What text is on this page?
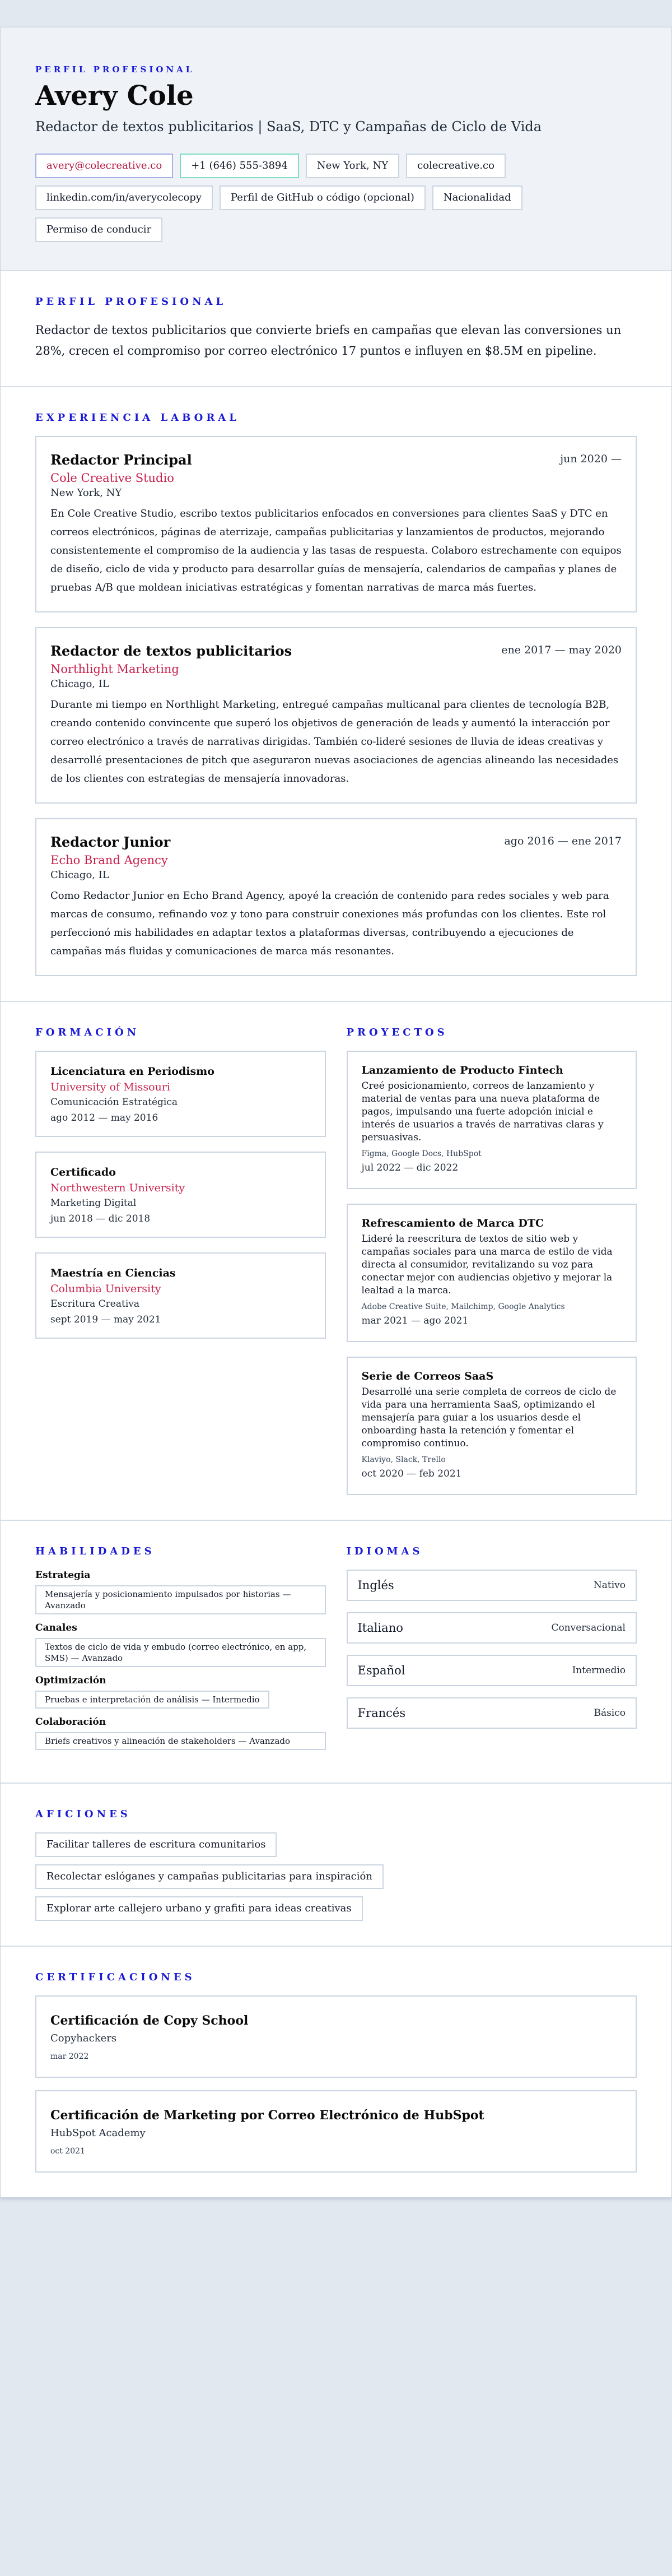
PERFIL PROFESIONAL
Avery Cole
Redactor de textos publicitarios | SaaS, DTC y Campañas de Ciclo de Vida
avery@colecreative.co	+1 (646) 555-3894	New York, NY	colecreative.co
linkedin.com/in/averycolecopy	Perfil de GitHub o código (opcional)	Nacionalidad
Permiso de conducir
PERFIL PROFESIONAL

Redactor de textos publicitarios que convierte briefs en campañas que elevan las conversiones un 28%, crecen el compromiso por correo electrónico 17 puntos e influyen en $8.5M en pipeline.

EXPERIENCIA LABORAL
Redactor Principal	jun 2020 —
Cole Creative Studio
New York, NY

En Cole Creative Studio, escribo textos publicitarios enfocados en conversiones para clientes SaaS y DTC en correos electrónicos, páginas de aterrizaje, campañas publicitarias y lanzamientos de productos, mejorando consistentemente el compromiso de la audiencia y las tasas de respuesta. Colaboro estrechamente con equipos de diseño, ciclo de vida y producto para desarrollar guías de mensajería, calendarios de campañas y planes de pruebas A/B que moldean iniciativas estratégicas y fomentan narrativas de marca más fuertes.

Redactor de textos publicitarios	ene 2017 — may 2020
Northlight Marketing
Chicago, IL

Durante mi tiempo en Northlight Marketing, entregué campañas multicanal para clientes de tecnología B2B, creando contenido convincente que superó los objetivos de generación de leads y aumentó la interacción por correo electrónico a través de narrativas dirigidas. También co-lideré sesiones de lluvia de ideas creativas y desarrollé presentaciones de pitch que aseguraron nuevas asociaciones de agencias alineando las necesidades de los clientes con estrategias de mensajería innovadoras.

Redactor Junior	ago 2016 — ene 2017
Echo Brand Agency
Chicago, IL

Como Redactor Junior en Echo Brand Agency, apoyé la creación de contenido para redes sociales y web para marcas de consumo, refinando voz y tono para construir conexiones más profundas con los clientes. Este rol perfeccionó mis habilidades en adaptar textos a plataformas diversas, contribuyendo a ejecuciones de campañas más fluidas y comunicaciones de marca más resonantes.

FORMACIÓN
Licenciatura en Periodismo
University of Missouri
Comunicación Estratégica
ago 2012 — may 2016
Certificado
Northwestern University
Marketing Digital
jun 2018 — dic 2018
Maestría en Ciencias
Columbia University
Escritura Creativa
sept 2019 — may 2021
PROYECTOS
Lanzamiento de Producto Fintech

Creé posicionamiento, correos de lanzamiento y material de ventas para una nueva plataforma de pagos, impulsando una fuerte adopción inicial e interés de usuarios a través de narrativas claras y persuasivas.

Figma, Google Docs, HubSpot
jul 2022 — dic 2022
Refrescamiento de Marca DTC

Lideré la reescritura de textos de sitio web y campañas sociales para una marca de estilo de vida directa al consumidor, revitalizando su voz para conectar mejor con audiencias objetivo y mejorar la lealtad a la marca.

Adobe Creative Suite, Mailchimp, Google Analytics
mar 2021 — ago 2021
Serie de Correos SaaS

Desarrollé una serie completa de correos de ciclo de vida para una herramienta SaaS, optimizando el mensajería para guiar a los usuarios desde el onboarding hasta la retención y fomentar el compromiso continuo.

Klaviyo, Slack, Trello
oct 2020 — feb 2021
HABILIDADES
Estrategia
Mensajería y posicionamiento impulsados por historias — Avanzado
Canales
Textos de ciclo de vida y embudo (correo electrónico, en app, SMS) — Avanzado
Optimización
Pruebas e interpretación de análisis — Intermedio
Colaboración
Briefs creativos y alineación de stakeholders — Avanzado
IDIOMAS
Inglés	Nativo
Italiano	Conversacional
Español	Intermedio
Francés	Básico
AFICIONES
Facilitar talleres de escritura comunitarios
Recolectar eslóganes y campañas publicitarias para inspiración
Explorar arte callejero urbano y grafiti para ideas creativas
CERTIFICACIONES
Certificación de Copy School
Copyhackers
mar 2022
Certificación de Marketing por Correo Electrónico de HubSpot
HubSpot Academy
oct 2021
